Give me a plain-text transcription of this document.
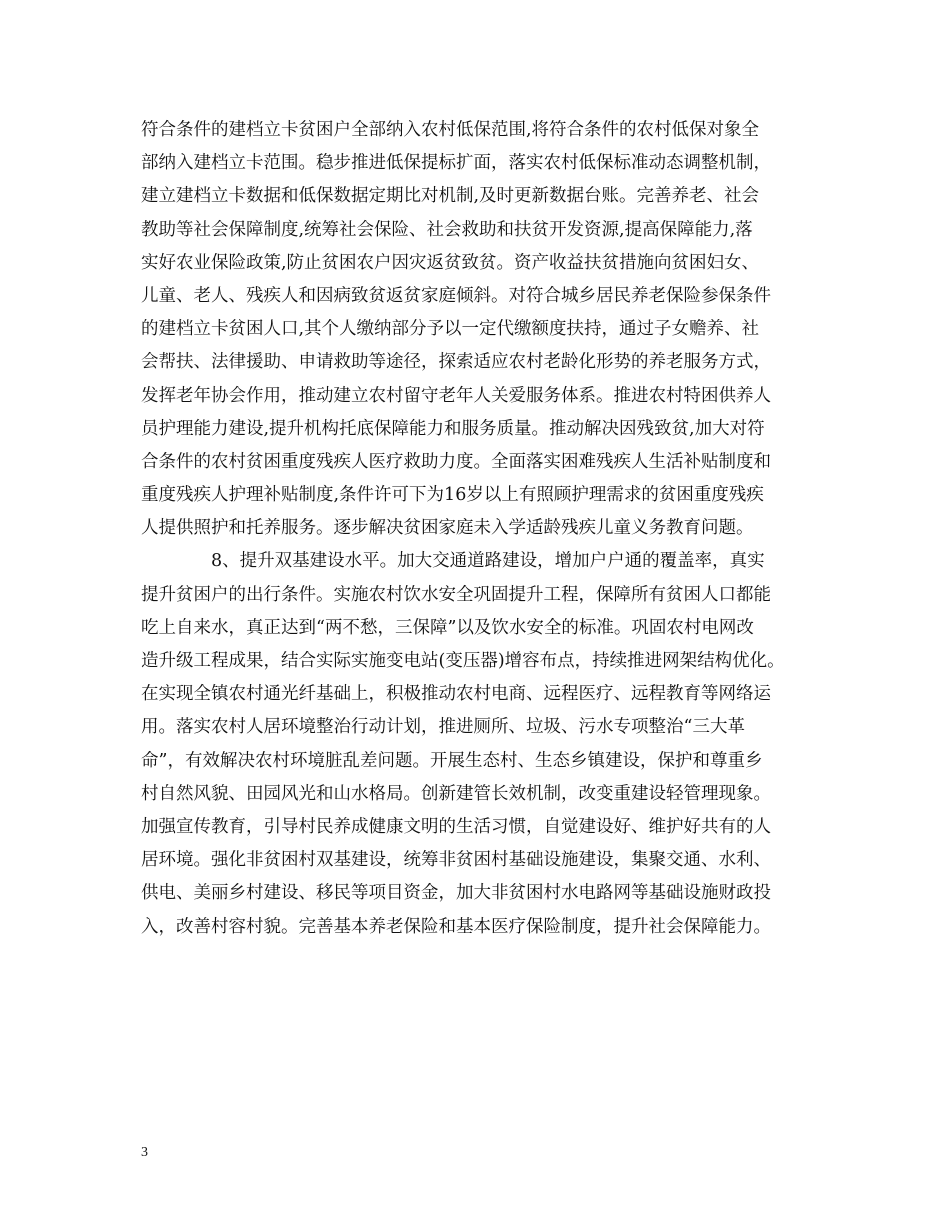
符合条件的建档立卡贫困户全部纳入农村低保范围,将符合条件的农村低保对象全
部纳入建档立卡范围。稳步推进低保提标扩面，落实农村低保标准动态调整机制，
建立建档立卡数据和低保数据定期比对机制,及时更新数据台账。完善养老、社会
教助等社会保障制度,统筹社会保险、社会救助和扶贫开发资源,提高保障能力,落
实好农业保险政策,防止贫困农户因灾返贫致贫。资产收益扶贫措施向贫困妇女、
儿童、老人、残疾人和因病致贫返贫家庭倾斜。对符合城乡居民养老保险参保条件
的建档立卡贫困人口,其个人缴纳部分予以一定代缴额度扶持，通过子女赡养、社
会帮扶、法律援助、申请救助等途径，探索适应农村老龄化形势的养老服务方式，
发挥老年协会作用，推动建立农村留守老年人关爱服务体系。推进农村特困供养人
员护理能力建设,提升机构托底保障能力和服务质量。推动解决因残致贫,加大对符
合条件的农村贫困重度残疾人医疗救助力度。全面落实困难残疾人生活补贴制度和
重度残疾人护理补贴制度,条件许可下为16岁以上有照顾护理需求的贫困重度残疾
人提供照护和托养服务。逐步解决贫困家庭未入学适龄残疾儿童义务教育问题。
8、提升双基建设水平。加大交通道路建设，增加户户通的覆盖率，真实
提升贫困户的出行条件。实施农村饮水安全巩固提升工程，保障所有贫困人口都能
吃上自来水，真正达到“两不愁，三保障”以及饮水安全的标准。巩固农村电网改
造升级工程成果，结合实际实施变电站(变压器)增容布点，持续推进网架结构优化。
在实现全镇农村通光纤基础上，积极推动农村电商、远程医疗、远程教育等网络运
用。落实农村人居环境整治行动计划，推进厕所、垃圾、污水专项整治“三大革
命”，有效解决农村环境脏乱差问题。开展生态村、生态乡镇建设，保护和尊重乡
村自然风貌、田园风光和山水格局。创新建管长效机制，改变重建设轻管理现象。
加强宣传教育，引导村民养成健康文明的生活习惯，自觉建设好、维护好共有的人
居环境。强化非贫困村双基建设，统筹非贫困村基础设施建设，集聚交通、水利、
供电、美丽乡村建设、移民等项目资金，加大非贫困村水电路网等基础设施财政投
入，改善村容村貌。完善基本养老保险和基本医疗保险制度，提升社会保障能力。
3
